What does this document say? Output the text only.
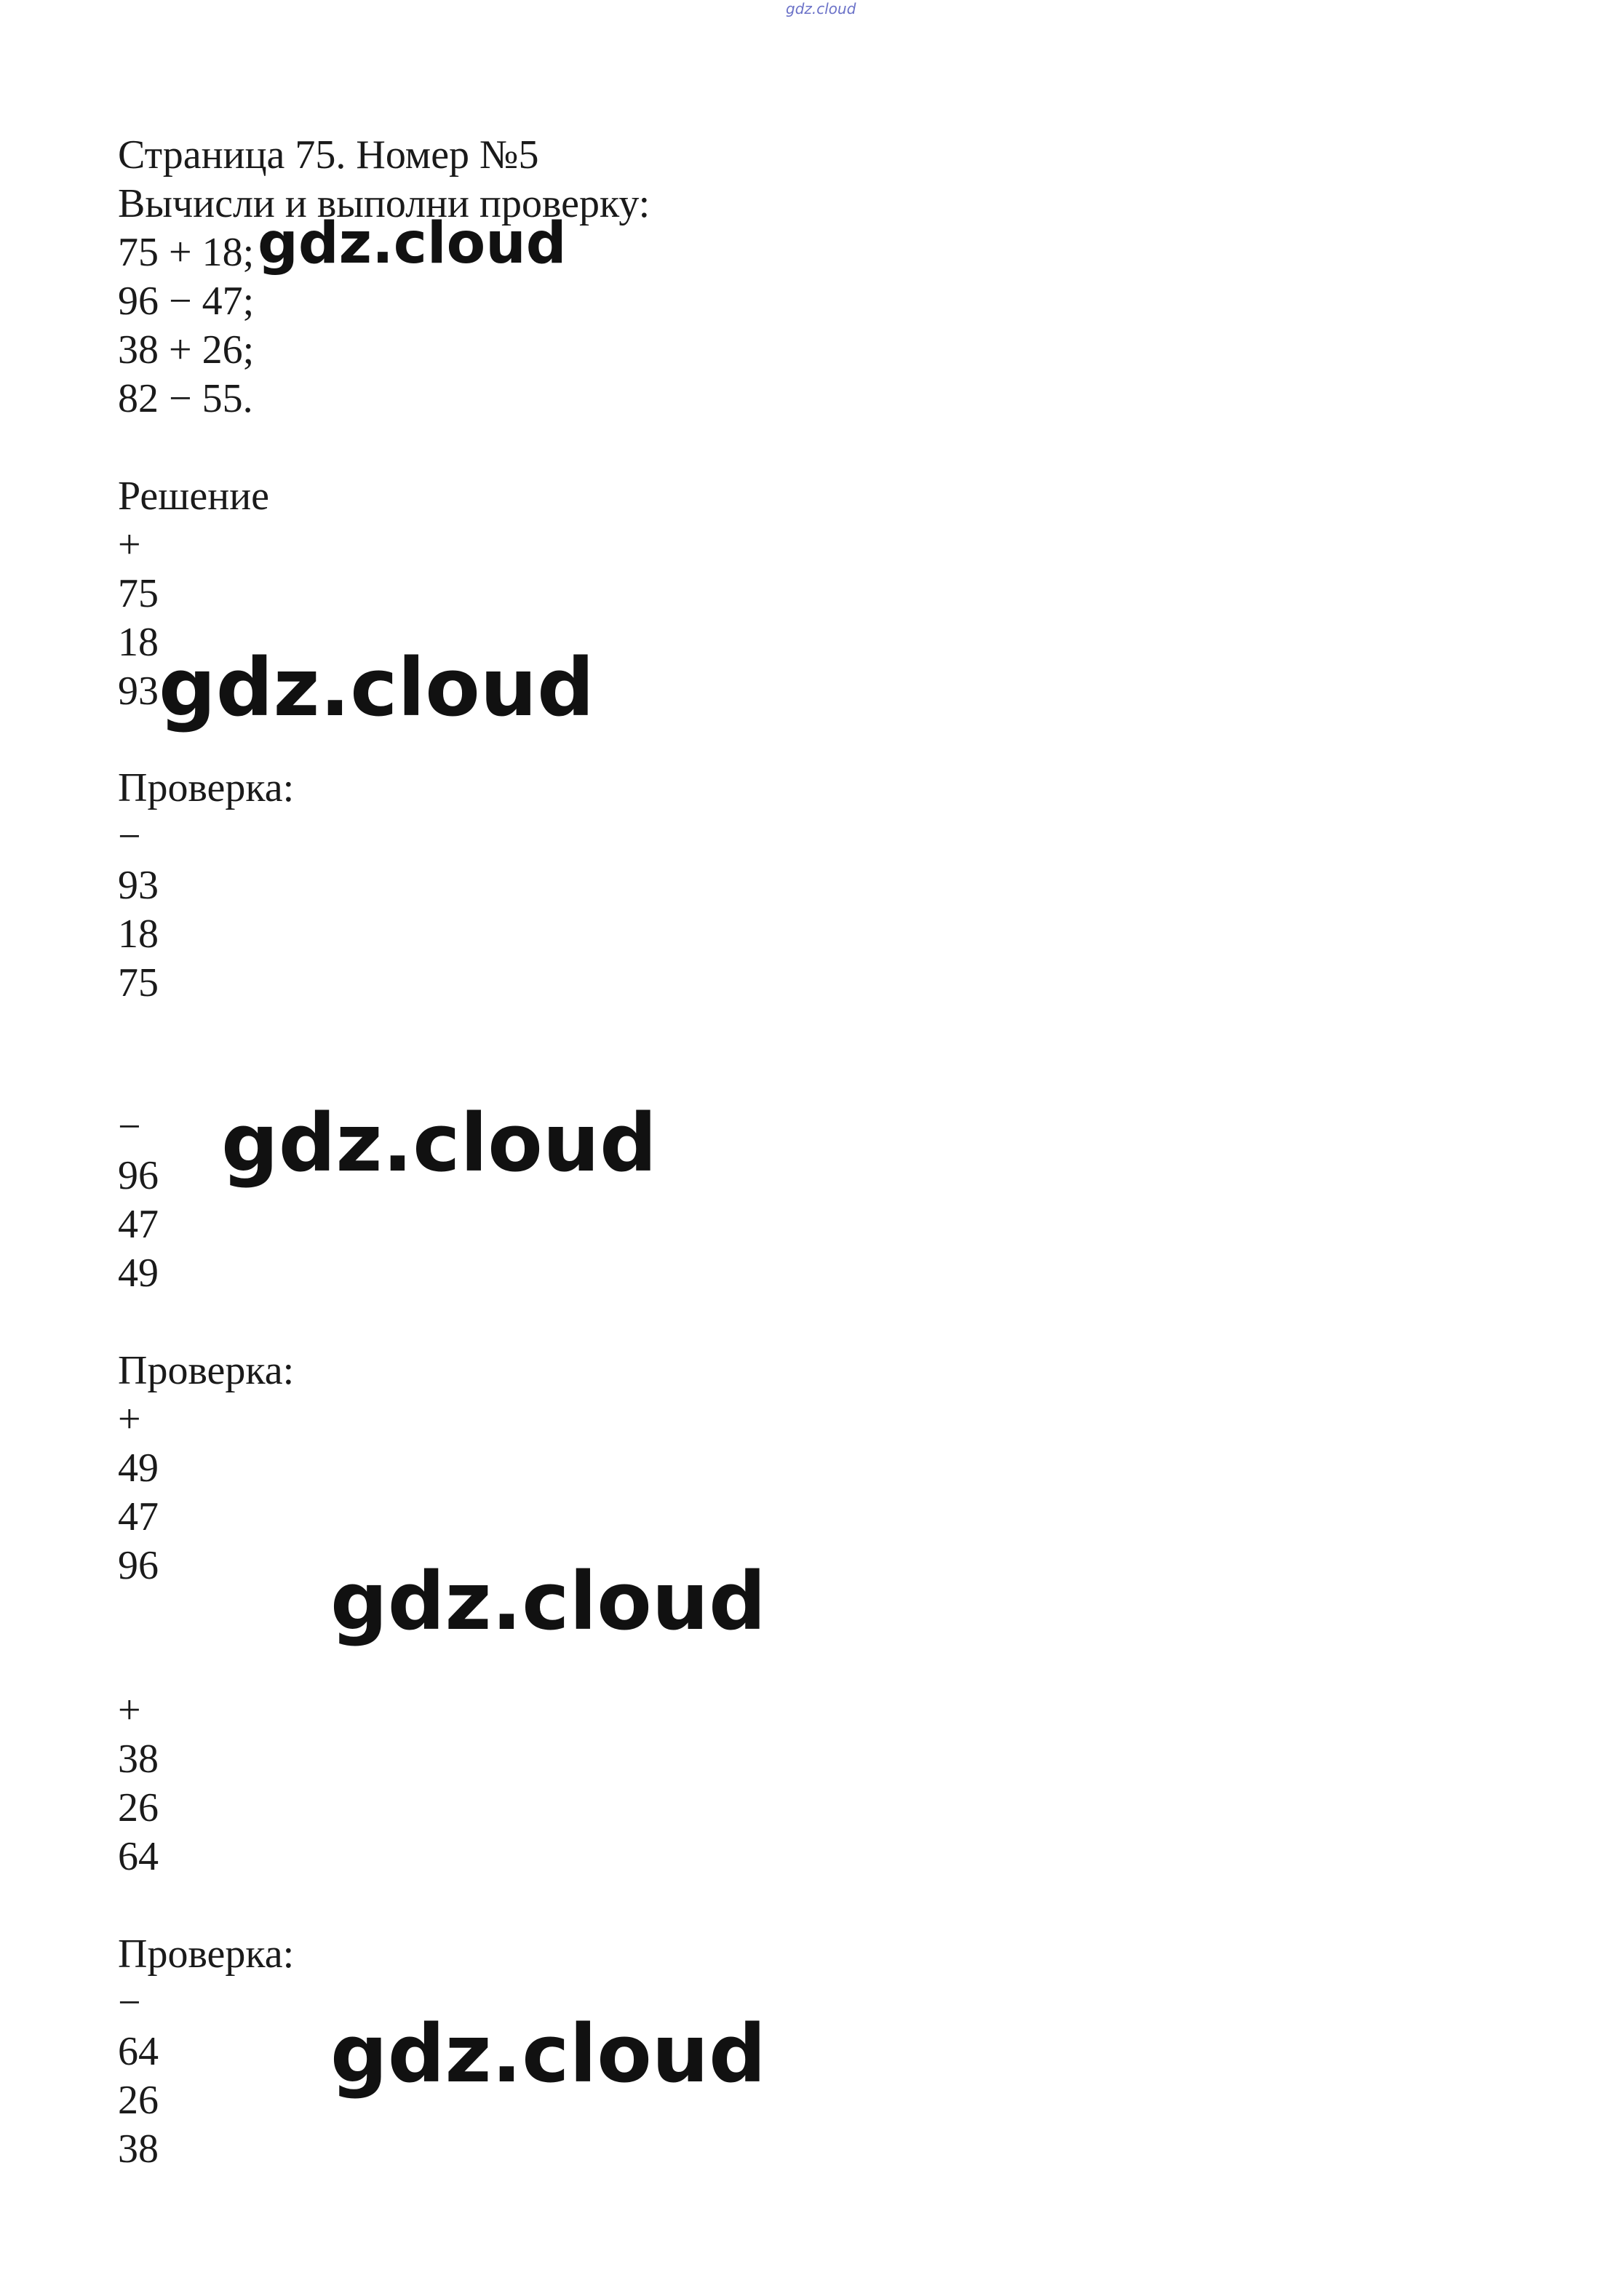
gdz.cloud
Страница 75. Номер №5
Вычисли и выполни проверку:
75 + 18;
96 − 47;
38 + 26;
82 − 55.
Решение
+
75
18
93
Проверка:
−
93
18
75
−
96
47
49
Проверка:
+
49
47
96
+
38
26
64
Проверка:
−
64
26
38
gdz.cloud
gdz.cloud
gdz.cloud
gdz.cloud
gdz.cloud
